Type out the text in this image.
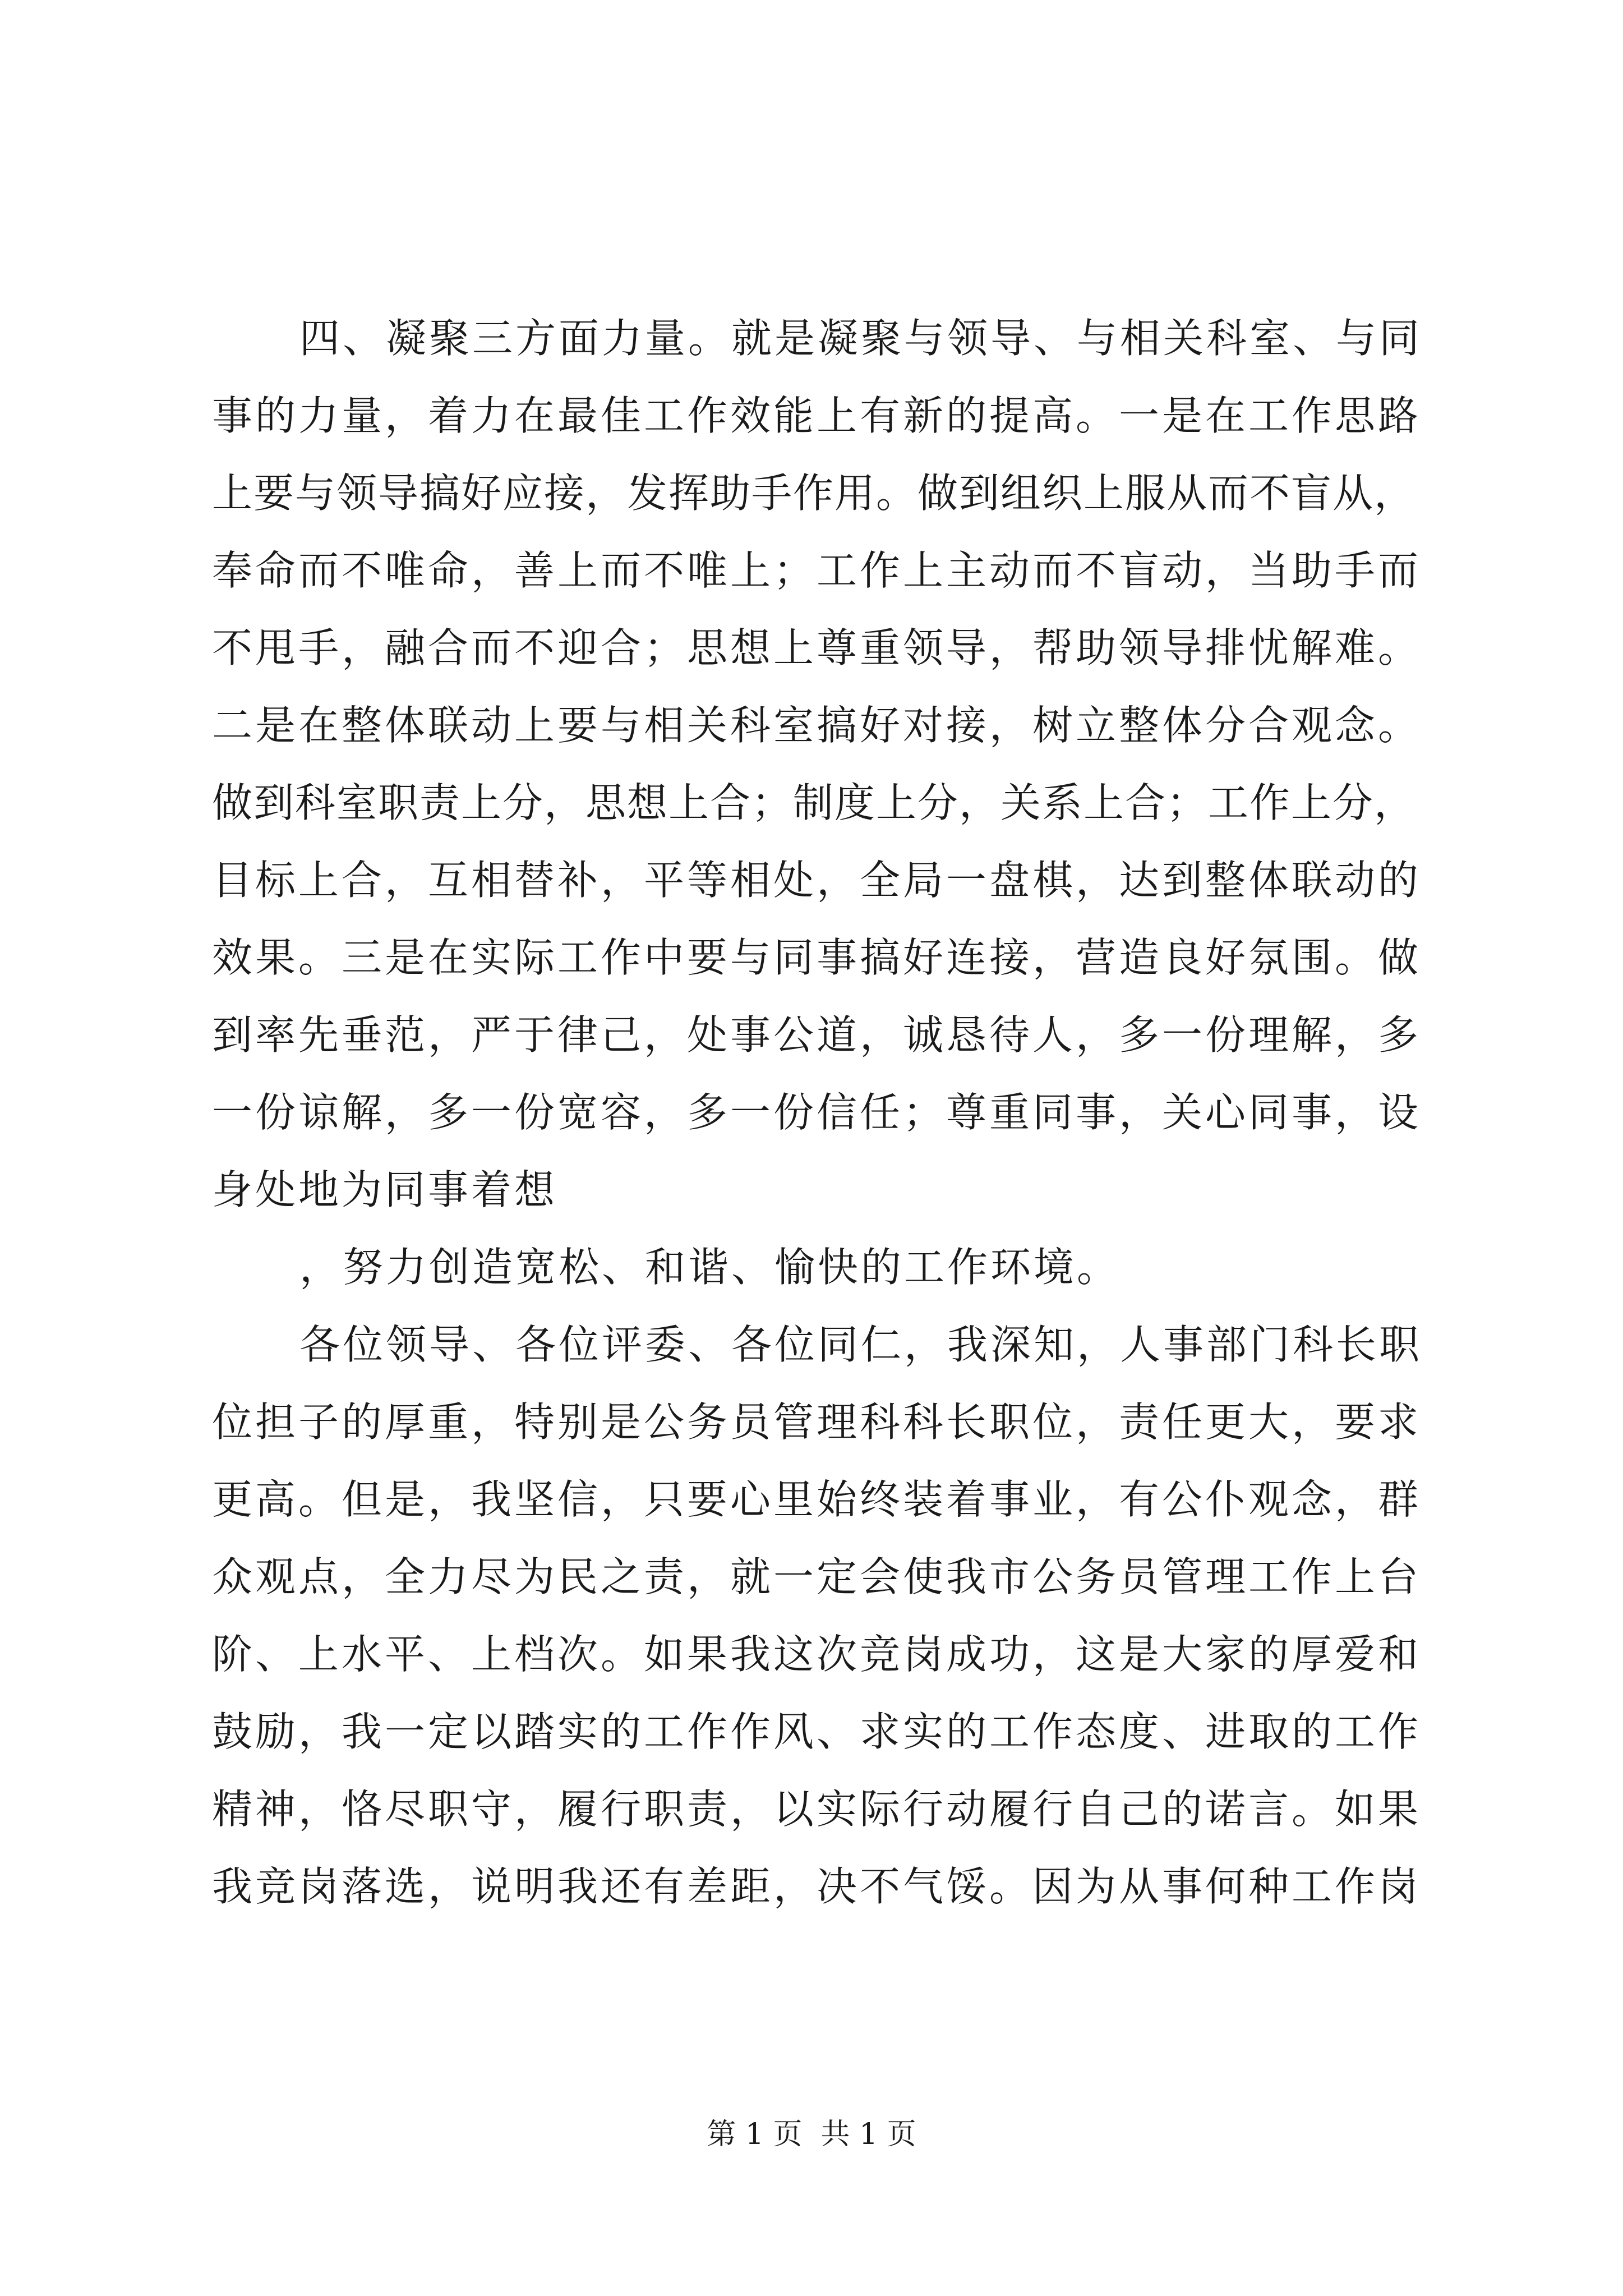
四、凝聚三方面力量。就是凝聚与领导、与相关科室、与同
事的力量，着力在最佳工作效能上有新的提高。一是在工作思路
上要与领导搞好应接，发挥助手作用。做到组织上服从而不盲从，
奉命而不唯命，善上而不唯上；工作上主动而不盲动，当助手而
不甩手，融合而不迎合；思想上尊重领导，帮助领导排忧解难。
二是在整体联动上要与相关科室搞好对接，树立整体分合观念。
做到科室职责上分，思想上合；制度上分，关系上合；工作上分，
目标上合，互相替补，平等相处，全局一盘棋，达到整体联动的
效果。三是在实际工作中要与同事搞好连接，营造良好氛围。做
到率先垂范，严于律己，处事公道，诚恳待人，多一份理解，多
一份谅解，多一份宽容，多一份信任；尊重同事，关心同事，设
身处地为同事着想
，努力创造宽松、和谐、愉快的工作环境。
各位领导、各位评委、各位同仁，我深知，人事部门科长职
位担子的厚重，特别是公务员管理科科长职位，责任更大，要求
更高。但是，我坚信，只要心里始终装着事业，有公仆观念，群
众观点，全力尽为民之责，就一定会使我市公务员管理工作上台
阶、上水平、上档次。如果我这次竞岗成功，这是大家的厚爱和
鼓励，我一定以踏实的工作作风、求实的工作态度、进取的工作
精神，恪尽职守，履行职责，以实际行动履行自己的诺言。如果
我竞岗落选，说明我还有差距，决不气馁。因为从事何种工作岗
第 1 页  共 1 页
